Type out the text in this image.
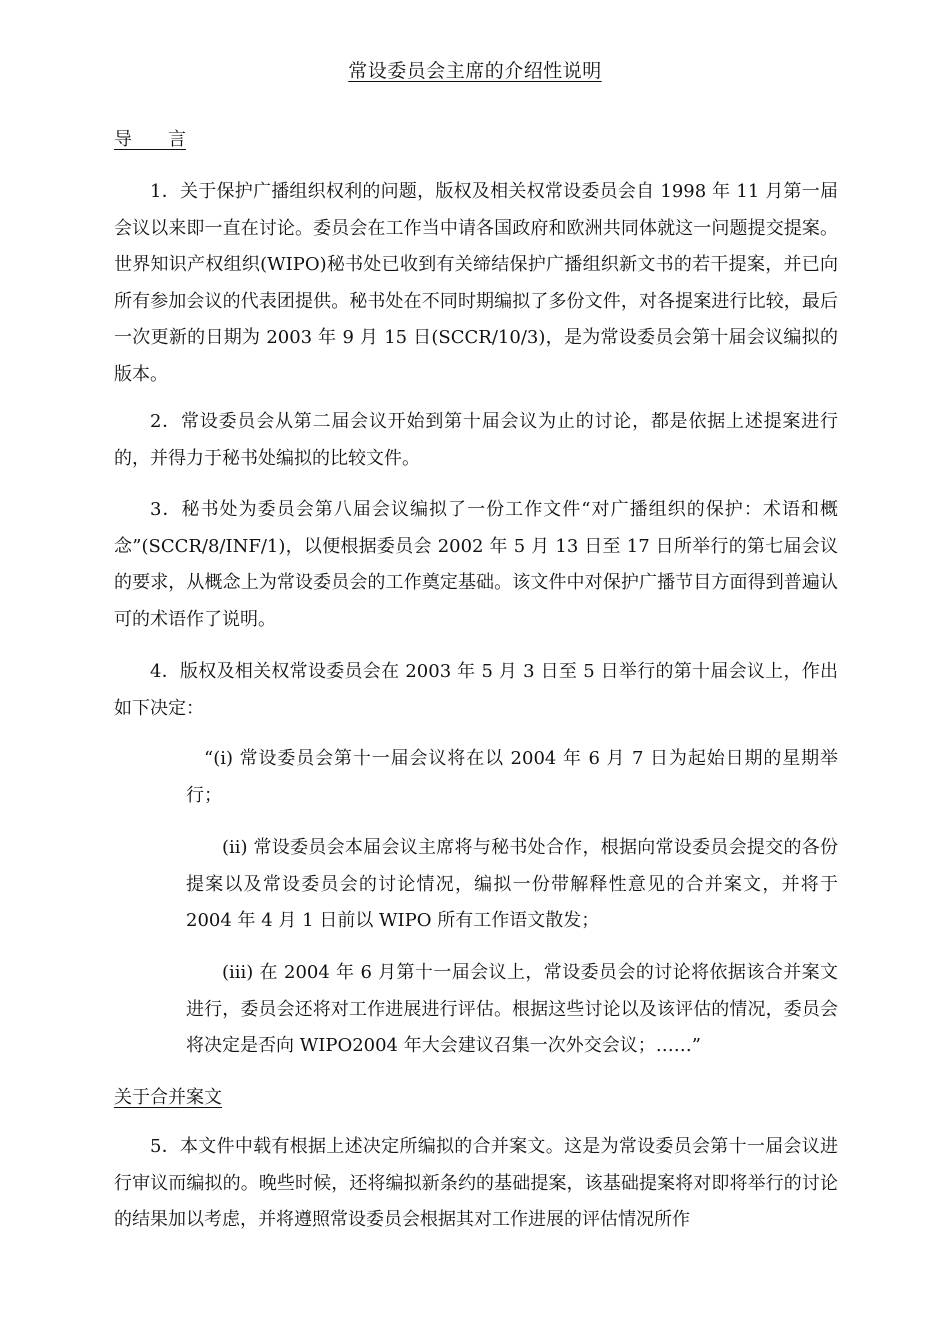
常设委员会主席的介绍性说明
导　　言

1．关于保护广播组织权利的问题，版权及相关权常设委员会自 1998 年 11 月第一届会议以来即一直在讨论。委员会在工作当中请各国政府和欧洲共同体就这一问题提交提案。世界知识产权组织(WIPO)秘书处已收到有关缔结保护广播组织新文书的若干提案，并已向所有参加会议的代表团提供。秘书处在不同时期编拟了多份文件，对各提案进行比较，最后一次更新的日期为 2003 年 9 月 15 日(SCCR/10/3)，是为常设委员会第十届会议编拟的版本。

2．常设委员会从第二届会议开始到第十届会议为止的讨论，都是依据上述提案进行的，并得力于秘书处编拟的比较文件。

3．秘书处为委员会第八届会议编拟了一份工作文件“对广播组织的保护：术语和概念”(SCCR/8/INF/1)，以便根据委员会 2002 年 5 月 13 日至 17 日所举行的第七届会议的要求，从概念上为常设委员会的工作奠定基础。该文件中对保护广播节目方面得到普遍认可的术语作了说明。

4．版权及相关权常设委员会在 2003 年 5 月 3 日至 5 日举行的第十届会议上，作出如下决定：

“(i) 常设委员会第十一届会议将在以 2004 年 6 月 7 日为起始日期的星期举行；

(ii) 常设委员会本届会议主席将与秘书处合作，根据向常设委员会提交的各份提案以及常设委员会的讨论情况，编拟一份带解释性意见的合并案文，并将于 2004 年 4 月 1 日前以 WIPO 所有工作语文散发；

(iii) 在 2004 年 6 月第十一届会议上，常设委员会的讨论将依据该合并案文进行，委员会还将对工作进展进行评估。根据这些讨论以及该评估的情况，委员会将决定是否向 WIPO2004 年大会建议召集一次外交会议；……”

关于合并案文

5．本文件中载有根据上述决定所编拟的合并案文。这是为常设委员会第十一届会议进行审议而编拟的。晚些时候，还将编拟新条约的基础提案，该基础提案将对即将举行的讨论的结果加以考虑，并将遵照常设委员会根据其对工作进展的评估情况所作
